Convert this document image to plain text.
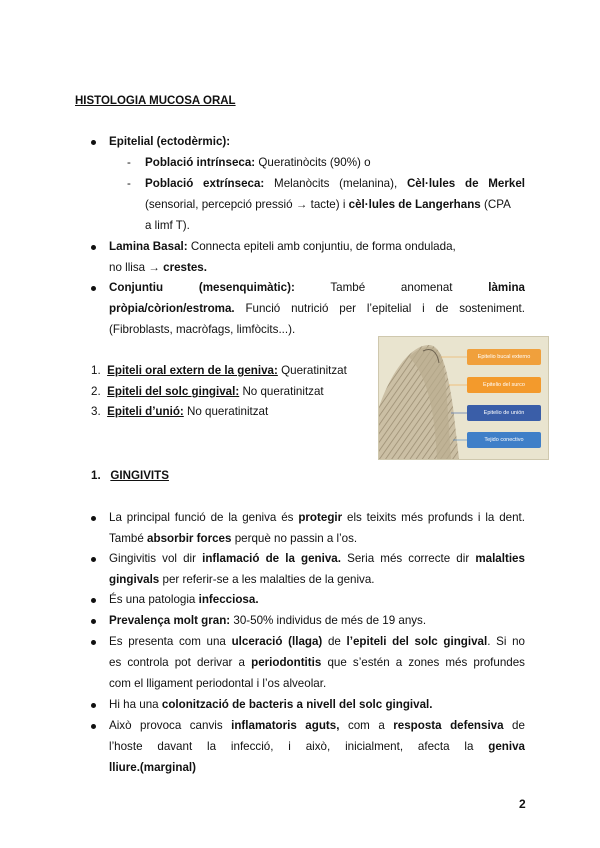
HISTOLOGIA MUCOSA ORAL
Epitelial (ectodèrmic):
- Població intrínseca: Queratinòcits (90%) o
- Població extrínseca: Melanòcits (melanina), Cèl·lules de Merkel
(sensorial, percepció pressió → tacte) i cèl·lules de Langerhans (CPA
a limf T).
Lamina Basal: Connecta epiteli amb conjuntiu, de forma ondulada,
no llisa → crestes.
Conjuntiu (mesenquimàtic):	També anomenat	làmina
pròpia/còrion/estroma. Funció nutrició per l’epitelial i de sosteniment.
(Fibroblasts, macròfags, limfòcits...).
1. Epiteli oral extern de la geniva: Queratinitzat
2. Epiteli del solc gingival: No queratinitzat
3. Epiteli d’unió: No queratinitzat
Epitelio bucal externo
Epitelio del surco
Epitelio de unión
Tejido conectivo
1. GINGIVITS
La principal funció de la geniva és protegir els teixits més profunds i la dent.
També absorbir forces perquè no passin a l’os.
Gingivitis vol dir inflamació de la geniva. Seria més correcte dir malalties
gingivals per referir-se a les malalties de la geniva.
És una patologia infecciosa.
Prevalença molt gran: 30-50% individus de més de 19 anys.
Es presenta com una ulceració (llaga) de l’epiteli del solc gingival. Si no
es controla pot derivar a periodontitis que s’estén a zones més profundes
com el lligament periodontal i l’os alveolar.
Hi ha una colonització de bacteris a nivell del solc gingival.
Això provoca canvis inflamatoris aguts, com a resposta defensiva de
l’hoste davant la infecció, i això, inicialment, afecta la geniva
lliure.(marginal)
2
